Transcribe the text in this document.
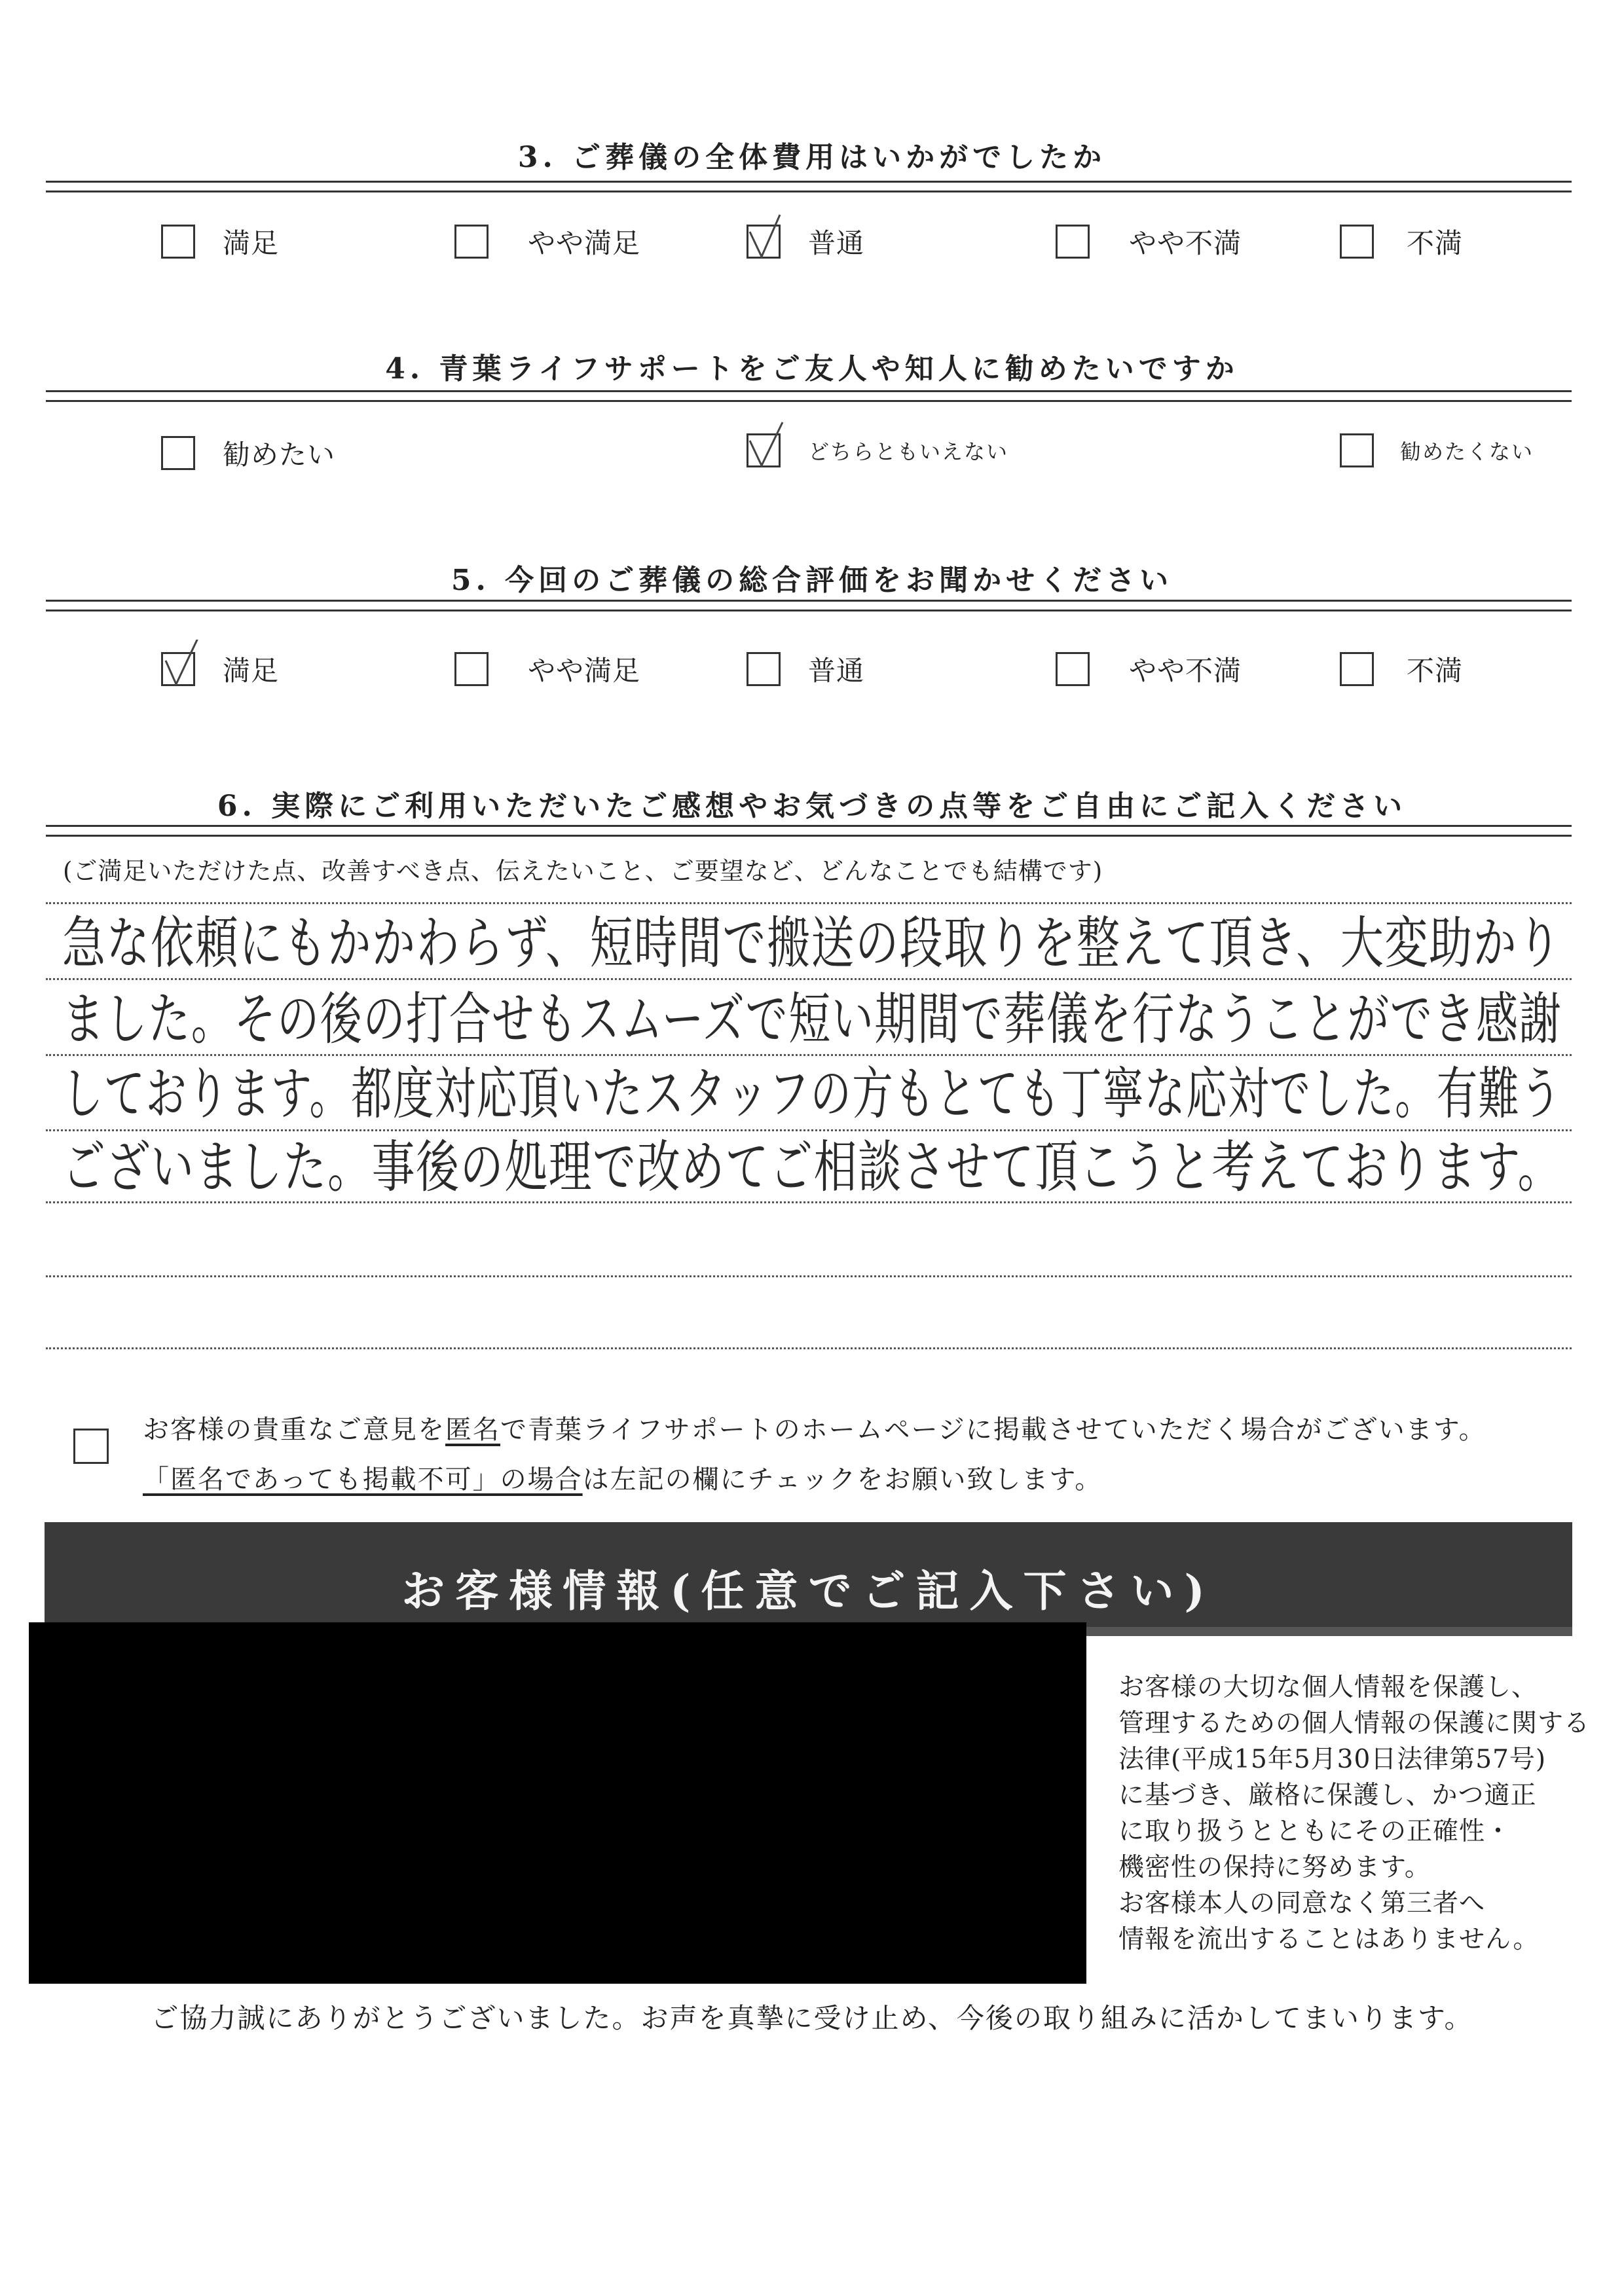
3. ご葬儀の全体費用はいかがでしたか
満足	やや満足	普通	やや不満	不満
4. 青葉ライフサポートをご友人や知人に勧めたいですか
勧めたい	どちらともいえない	勧めたくない
5. 今回のご葬儀の総合評価をお聞かせください
満足	やや満足	普通	やや不満	不満
6. 実際にご利用いただいたご感想やお気づきの点等をご自由にご記入ください
(ご満足いただけた点、改善すべき点、伝えたいこと、ご要望など、どんなことでも結構です)
急な依頼にもかかわらず、短時間で搬送の段取りを整えて頂き、大変助かり
ました。その後の打合せもスムーズで短い期間で葬儀を行なうことができ感謝
しております。都度対応頂いたスタッフの方もとても丁寧な応対でした。有難う
ございました。事後の処理で改めてご相談させて頂こうと考えております。
お客様の貴重なご意見を匿名で青葉ライフサポートのホームページに掲載させていただく場合がございます。
「匿名であっても掲載不可」の場合は左記の欄にチェックをお願い致します。
お客様情報(任意でご記入下さい)
お客様の大切な個人情報を保護し、
管理するための個人情報の保護に関する
法律(平成15年5月30日法律第57号)
に基づき、厳格に保護し、かつ適正
に取り扱うとともにその正確性・
機密性の保持に努めます。
お客様本人の同意なく第三者へ
情報を流出することはありません。
ご協力誠にありがとうございました。お声を真摯に受け止め、今後の取り組みに活かしてまいります。
